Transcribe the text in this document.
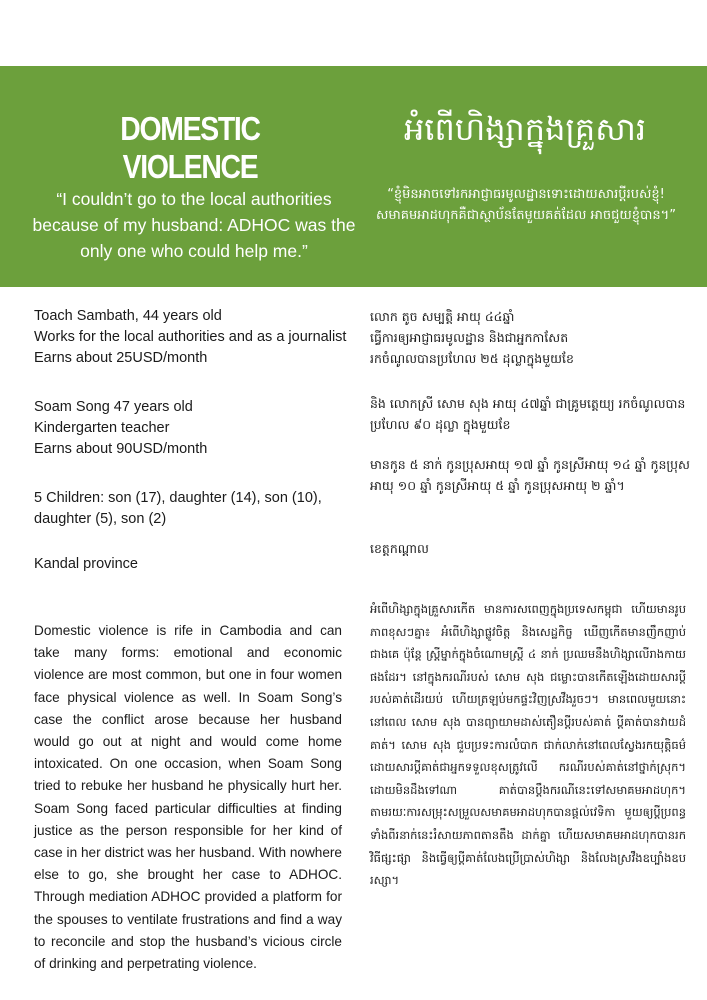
DOMESTIC VIOLENCE
អំពើហិង្សាក្នុងគ្រួសារ
“I couldn’t go to the local authorities because of my husband: ADHOC was the only one who could help me.”
“ខ្ញុំមិនអាចទៅរកអាជ្ញាធរមូលដ្ឋានទោះដោយសារប្តីរបស់ខ្ញុំ! សមាគមអាដហុកគឺជាស្ថាប័នតែមួយគត់ដែល អាចជួយខ្ញុំបាន។”
Toach Sambath, 44 years old
Works for the local authorities and as a journalist
Earns about 25USD/month
Soam Song 47 years old
Kindergarten teacher
Earns about 90USD/month
5 Children: son (17), daughter (14), son (10),
daughter (5), son (2)
Kandal province
លោក តូច សម្បត្តិ អាយុ ៤៤ឆ្នាំ
ធ្វើការឲ្យអាជ្ញាធរមូលដ្ឋាន និងជាអ្នកកាសែត
រកចំណូលបានប្រហែល ២៥ ដុល្លាក្នុងមួយខែ
និង លោកស្រី សោម សុង អាយុ ៤៧ឆ្នាំ ជាគ្រូមត្តេយ្យ រកចំណូលបានប្រហែល ៩០ ដុល្លា ក្នុងមួយខែ
មានកូន ៥ នាក់ កូនប្រុសអាយុ ១៧ ឆ្នាំ កូនស្រីអាយុ ១៤ ឆ្នាំ កូនប្រុសអាយុ ១០ ឆ្នាំ កូនស្រីអាយុ ៥ ឆ្នាំ កូនប្រុសអាយុ ២ ឆ្នាំ។
ខេត្តកណ្តាល
Domestic violence is rife in Cambodia and can take many forms: emotional and economic violence are most common, but one in four women face physical violence as well. In Soam Song’s case the conflict arose because her husband would go out at night and would come home intoxicated. On one occasion, when Soam Song tried to rebuke her husband he physically hurt her. Soam Song faced particular difficulties at finding justice as the person responsible for her kind of case in her district was her husband. With nowhere else to go, she brought her case to ADHOC. Through mediation ADHOC provided a platform for the spouses to ventilate frustrations and find a way to reconcile and stop the husband’s vicious circle of drinking and perpetrating violence.
អំពើហិង្សាក្នុងគ្រួសារកើត មានការសពេញក្នុងប្រទេសកម្ពុជា ហើយមានរូបភាពខុសៗគ្នា៖ អំពើហិង្សាផ្លូវចិត្ត និងសេដ្ឋកិច្ច ឃើញកើតមានញឹកញាប់ជាងគេ ប៉ុន្តែ ស្ត្រីម្នាក់ក្នុងចំណោមស្ត្រី ៤ នាក់ ប្រឈមនឹងហិង្សាលើរាងកាយផងដែរ។ នៅក្នុងករណីរបស់ សោម សុង ជម្លោះបានកើតឡើងដោយសារប្តីរបស់គាត់ដើរយប់ ហើយត្រឡប់មកផ្ទះវិញស្រវឹងរួចៗ។ មានពេលមួយនោះ នៅពេល សោម សុង បានព្យាយាមដាស់តឿនប្តីរបស់គាត់ ប្តីគាត់បានវាយដំគាត់។ សោម សុង ជួបប្រទះការលំបាក ជាក់លាក់នៅពេលស្វែងរកយុត្តិធម៌ ដោយសារប្តីគាត់ជាអ្នកទទួលខុសត្រូវលើ ករណីរបស់គាត់នៅថ្នាក់ស្រុក។ ដោយមិនដឹងទៅណា គាត់បានប្តឹងករណីនេះទៅសមាគមអាដហុក។ តាមរយៈការសម្រុះសម្រួលសមាគមអាដហុកបានផ្តល់វេទិកា មួយឲ្យប្តីប្រពន្ធទាំងពីរនាក់នេះរំសាយភាពតានតឹង ដាក់គ្នា ហើយសមាគមអាដហុកបានរកវិធីផ្សះផ្សា និងធ្វើឲ្យប្តីគាត់លែងប្រើប្រាស់ហិង្សា និងលែងស្រវឹងឧប្បាំងឧបរស្សា។
